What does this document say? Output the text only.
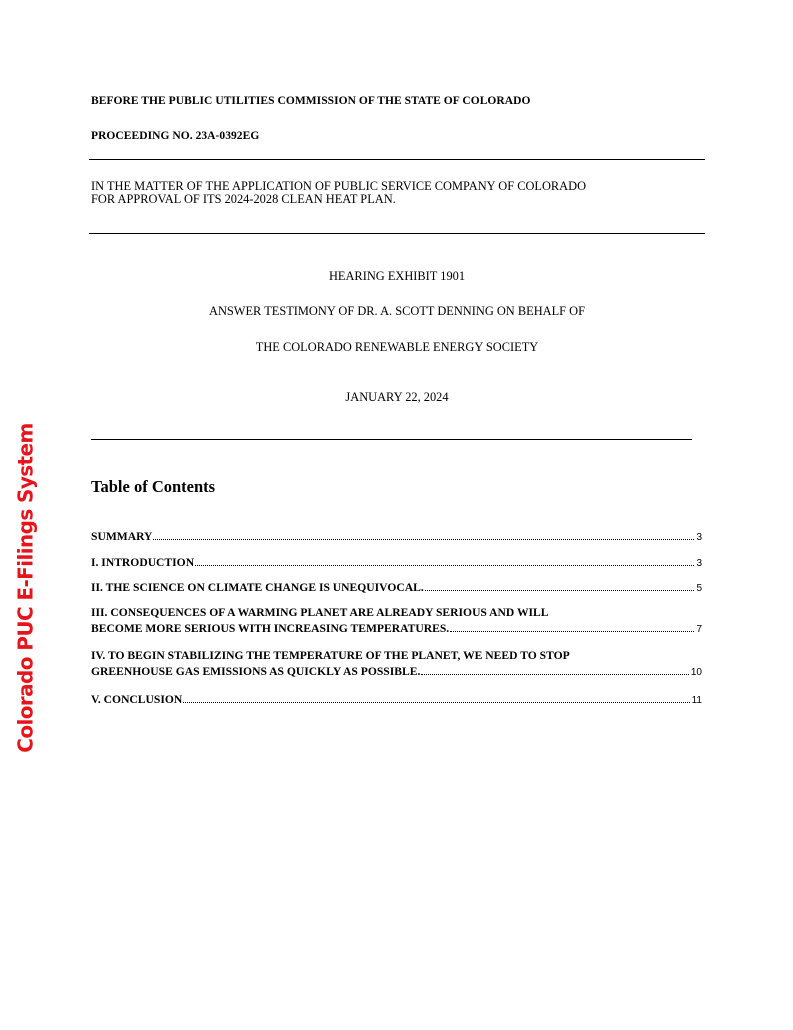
Colorado PUC E-Filings System
BEFORE THE PUBLIC UTILITIES COMMISSION OF THE STATE OF COLORADO
PROCEEDING NO. 23A-0392EG
IN THE MATTER OF THE APPLICATION OF PUBLIC SERVICE COMPANY OF COLORADO
FOR APPROVAL OF ITS 2024-2028 CLEAN HEAT PLAN.
HEARING EXHIBIT 1901
ANSWER TESTIMONY OF DR. A. SCOTT DENNING ON BEHALF OF
THE COLORADO RENEWABLE ENERGY SOCIETY
JANUARY 22, 2024
Table of Contents
SUMMARY	3
I. INTRODUCTION	3
II. THE SCIENCE ON CLIMATE CHANGE IS UNEQUIVOCAL.	5
III. CONSEQUENCES OF A WARMING PLANET ARE ALREADY SERIOUS AND WILL
BECOME MORE SERIOUS WITH INCREASING TEMPERATURES.	7
IV. TO BEGIN STABILIZING THE TEMPERATURE OF THE PLANET, WE NEED TO STOP
GREENHOUSE GAS EMISSIONS AS QUICKLY AS POSSIBLE.	10
V. CONCLUSION	11
